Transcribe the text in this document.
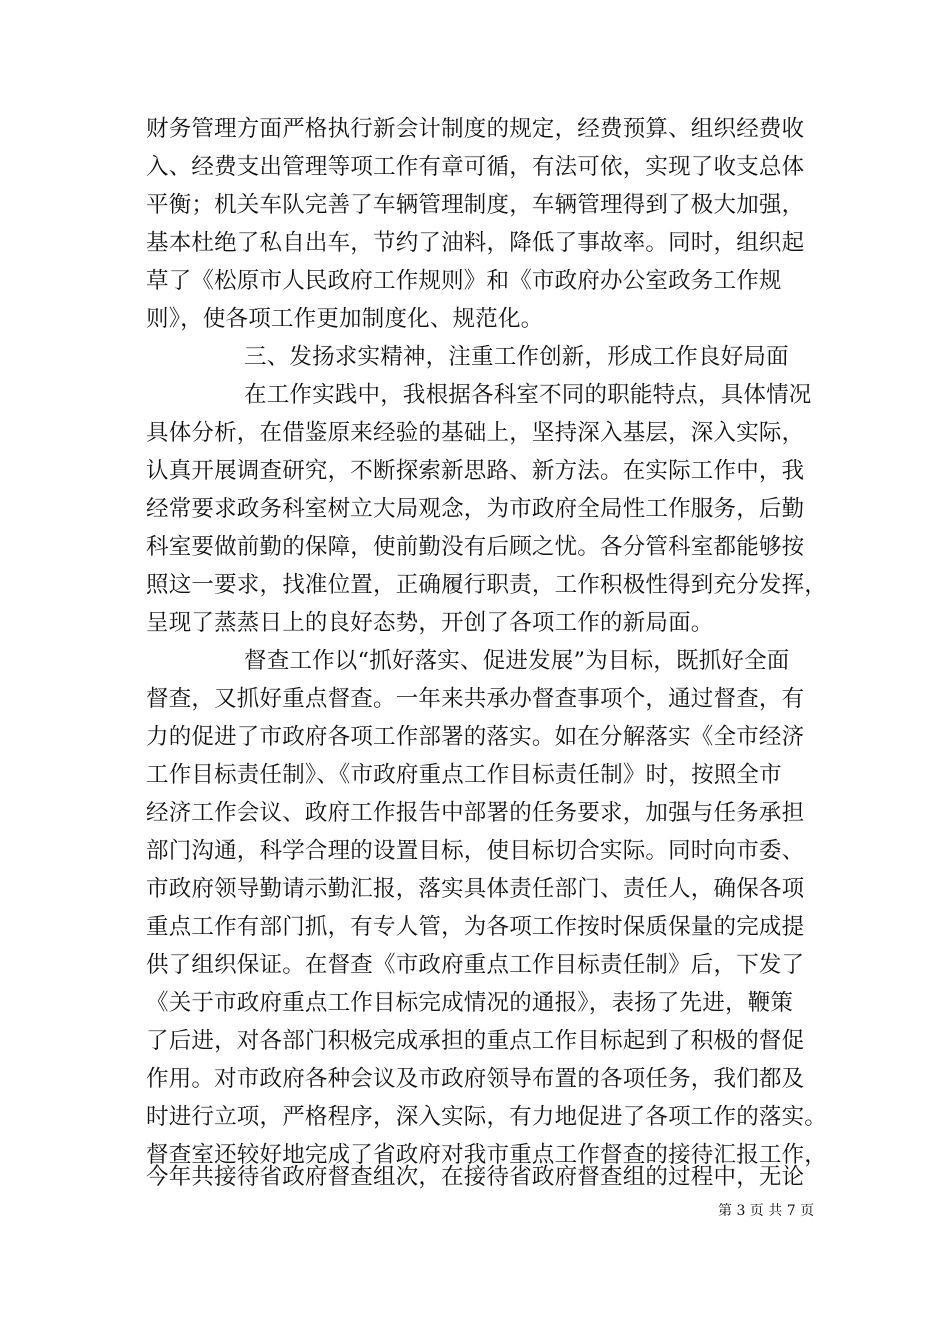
财务管理方面严格执行新会计制度的规定，经费预算、组织经费收
入、经费支出管理等项工作有章可循，有法可依，实现了收支总体
平衡；机关车队完善了车辆管理制度，车辆管理得到了极大加强，
基本杜绝了私自出车，节约了油料，降低了事故率。同时，组织起
草了《松原市人民政府工作规则》和《市政府办公室政务工作规
则》，使各项工作更加制度化、规范化。
三、发扬求实精神，注重工作创新，形成工作良好局面
在工作实践中，我根据各科室不同的职能特点，具体情况
具体分析，在借鉴原来经验的基础上，坚持深入基层，深入实际，
认真开展调查研究，不断探索新思路、新方法。在实际工作中，我
经常要求政务科室树立大局观念，为市政府全局性工作服务，后勤
科室要做前勤的保障，使前勤没有后顾之忧。各分管科室都能够按
照这一要求，找准位置，正确履行职责，工作积极性得到充分发挥，
呈现了蒸蒸日上的良好态势，开创了各项工作的新局面。
督查工作以“抓好落实、促进发展”为目标，既抓好全面
督查，又抓好重点督查。一年来共承办督查事项个，通过督查，有
力的促进了市政府各项工作部署的落实。如在分解落实《全市经济
工作目标责任制》、《市政府重点工作目标责任制》时，按照全市
经济工作会议、政府工作报告中部署的任务要求，加强与任务承担
部门沟通，科学合理的设置目标，使目标切合实际。同时向市委、
市政府领导勤请示勤汇报，落实具体责任部门、责任人，确保各项
重点工作有部门抓，有专人管，为各项工作按时保质保量的完成提
供了组织保证。在督查《市政府重点工作目标责任制》后，下发了
《关于市政府重点工作目标完成情况的通报》，表扬了先进，鞭策
了后进，对各部门积极完成承担的重点工作目标起到了积极的督促
作用。对市政府各种会议及市政府领导布置的各项任务，我们都及
时进行立项，严格程序，深入实际，有力地促进了各项工作的落实。
督查室还较好地完成了省政府对我市重点工作督查的接待汇报工作，
今年共接待省政府督查组次，在接待省政府督查组的过程中，无论
第 3 页 共 7 页
